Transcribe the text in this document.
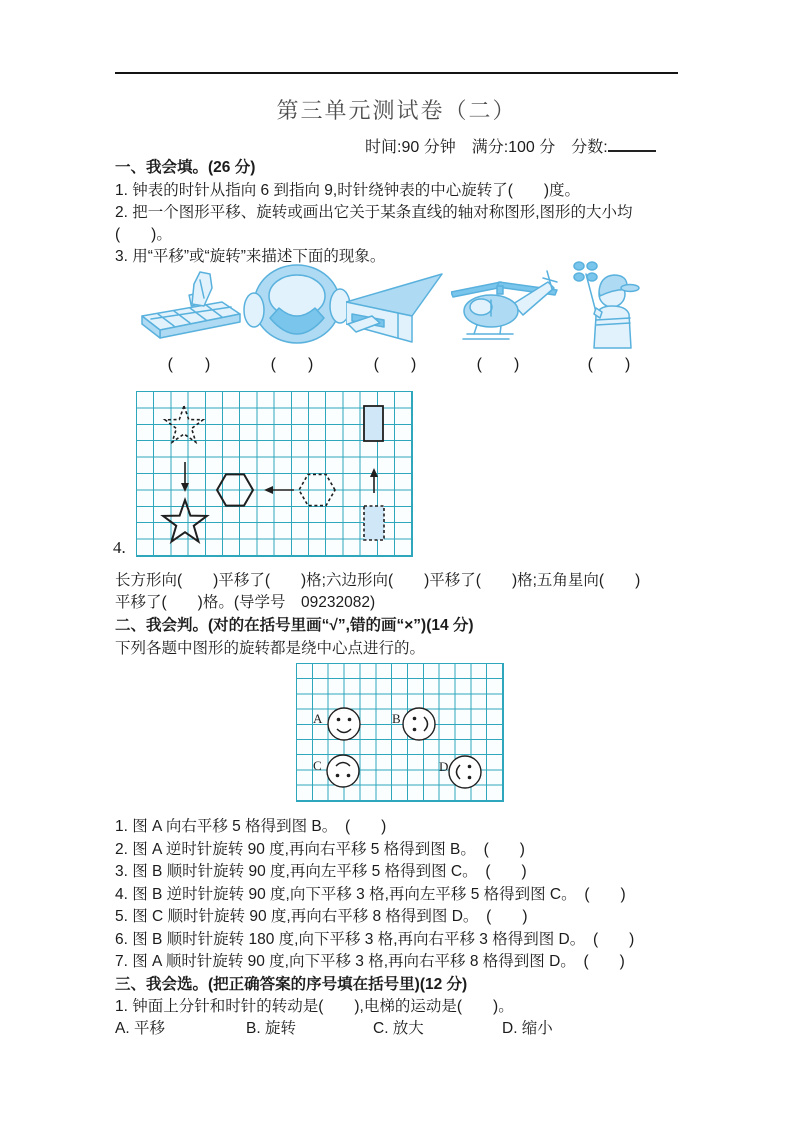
第三单元测试卷（二）
时间:90 分钟　满分:100 分　分数:
一、我会填。(26 分)
1. 钟表的时针从指向 6 到指向 9,时针绕钟表的中心旋转了(　　)度。
2. 把一个图形平移、旋转或画出它关于某条直线的轴对称图形,图形的大小均
(　　)。
3. 用“平移”或“旋转”来描述下面的现象。
(　　)	(　　)	(　　)	(　　)	(　　)
4.
长方形向(　　)平移了(　　)格;六边形向(　　)平移了(　　)格;五角星向(　　)
平移了(　　)格。(导学号　09232082)
二、我会判。(对的在括号里画“√”,错的画“×”)(14 分)
下列各题中图形的旋转都是绕中心点进行的。
A	B
C	D
1. 图 A 向右平移 5 格得到图 B。　(　　)
2. 图 A 逆时针旋转 90 度,再向右平移 5 格得到图 B。　(　　)
3. 图 B 顺时针旋转 90 度,再向左平移 5 格得到图 C。　(　　)
4. 图 B 逆时针旋转 90 度,向下平移 3 格,再向左平移 5 格得到图 C。　(　　)
5. 图 C 顺时针旋转 90 度,再向右平移 8 格得到图 D。　(　　)
6. 图 B 顺时针旋转 180 度,向下平移 3 格,再向右平移 3 格得到图 D。　(　　)
7. 图 A 顺时针旋转 90 度,向下平移 3 格,再向右平移 8 格得到图 D。　(　　)
三、我会选。(把正确答案的序号填在括号里)(12 分)
1. 钟面上分针和时针的转动是(　　),电梯的运动是(　　)。
A. 平移	B. 旋转	C. 放大	D. 缩小
